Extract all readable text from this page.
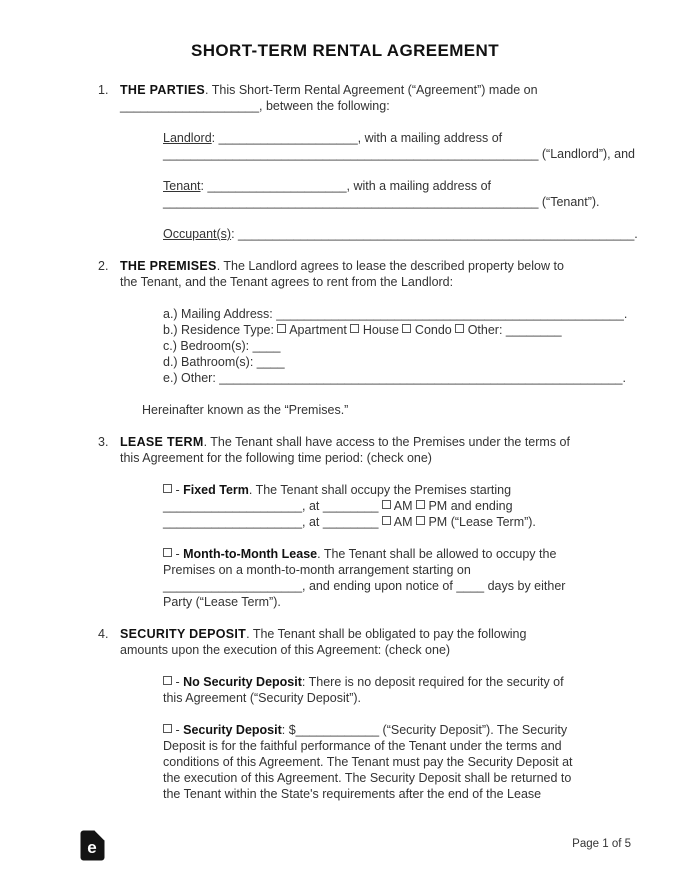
SHORT-TERM RENTAL AGREEMENT
1. THE PARTIES. This Short-Term Rental Agreement (“Agreement”) made on
____________________, between the following:
Landlord: ____________________, with a mailing address of
______________________________________________________ (“Landlord”), and
Tenant: ____________________, with a mailing address of
______________________________________________________ (“Tenant”).
Occupant(s): _________________________________________________________.
2. THE PREMISES. The Landlord agrees to lease the described property below to
the Tenant, and the Tenant agrees to rent from the Landlord:
a.) Mailing Address: __________________________________________________.
b.) Residence Type:  Apartment  House  Condo  Other: ________
c.) Bedroom(s): ____
d.) Bathroom(s): ____
e.) Other: __________________________________________________________.
Hereinafter known as the “Premises.”
3. LEASE TERM. The Tenant shall have access to the Premises under the terms of
this Agreement for the following time period: (check one)
- Fixed Term. The Tenant shall occupy the Premises starting
____________________, at ________  AM  PM and ending
____________________, at ________  AM  PM (“Lease Term”).
- Month-to-Month Lease. The Tenant shall be allowed to occupy the
Premises on a month-to-month arrangement starting on
____________________, and ending upon notice of ____ days by either
Party (“Lease Term”).
4. SECURITY DEPOSIT. The Tenant shall be obligated to pay the following
amounts upon the execution of this Agreement: (check one)
- No Security Deposit: There is no deposit required for the security of
this Agreement (“Security Deposit”).
- Security Deposit: $____________ (“Security Deposit”). The Security
Deposit is for the faithful performance of the Tenant under the terms and
conditions of this Agreement. The Tenant must pay the Security Deposit at
the execution of this Agreement. The Security Deposit shall be returned to
the Tenant within the State's requirements after the end of the Lease
e	Page 1 of 5
